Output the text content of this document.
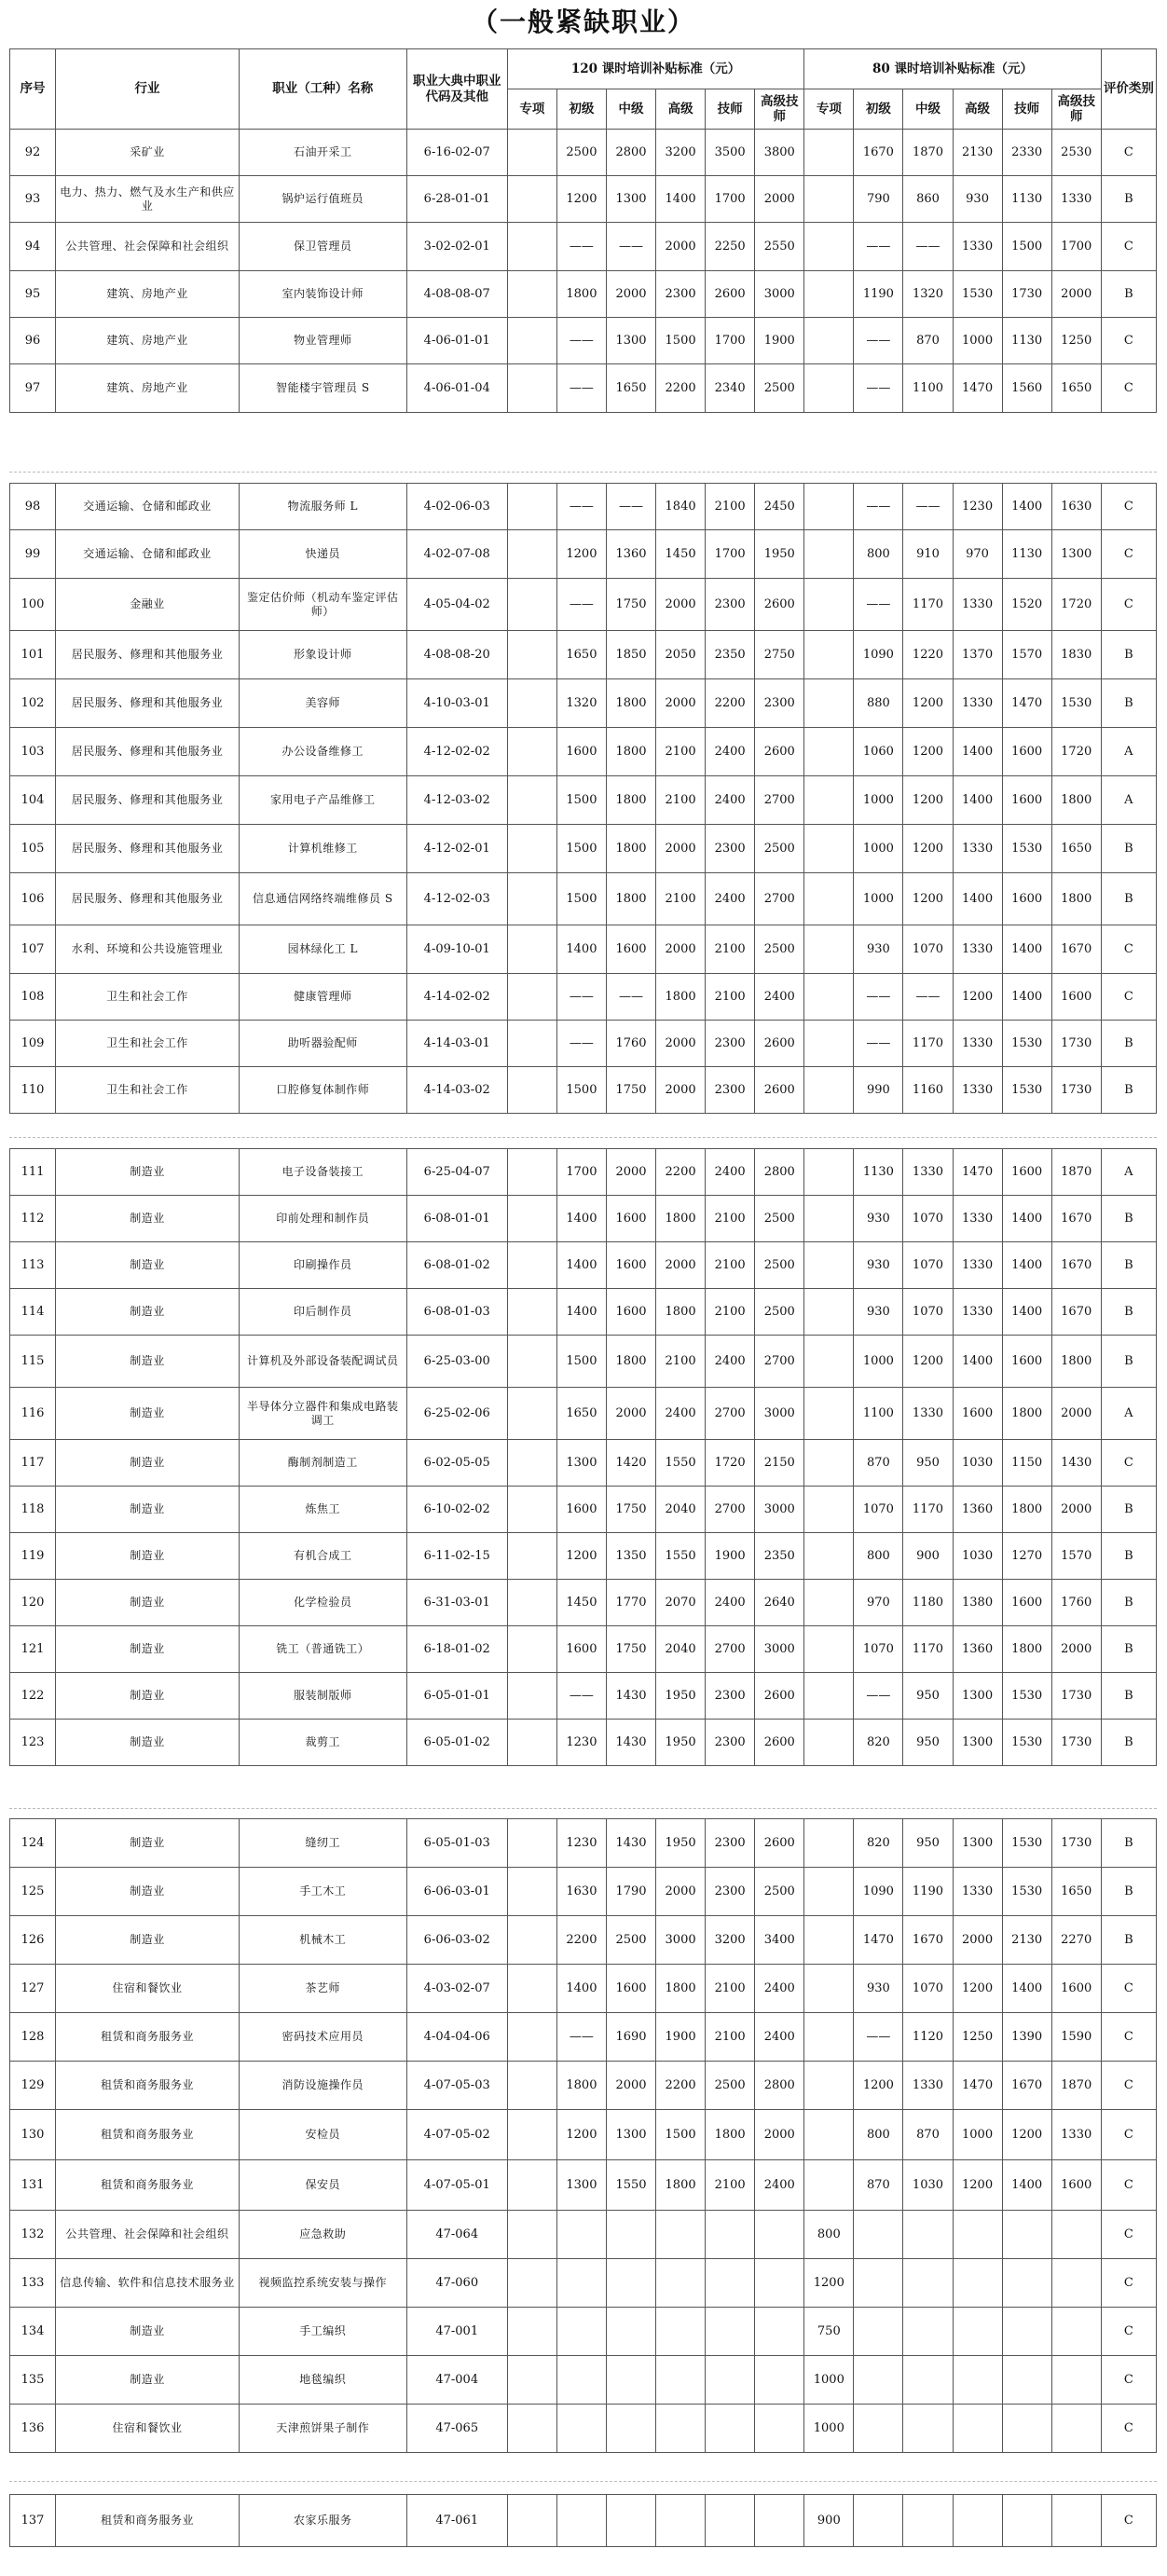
（一般紧缺职业）
序号	行业	职业（工种）名称	职业大典中职业代码及其他	120 课时培训补贴标准（元）						80 课时培训补贴标准（元）						评价类别
				专项	初级	中级	高级	技师	高级技师	专项	初级	中级	高级	技师	高级技师	
92	采矿业	石油开采工	6-16-02-07		2500	2800	3200	3500	3800		1670	1870	2130	2330	2530	C
93	电力、热力、燃气及水生产和供应业	锅炉运行值班员	6-28-01-01		1200	1300	1400	1700	2000		790	860	930	1130	1330	B
94	公共管理、社会保障和社会组织	保卫管理员	3-02-02-01		——	——	2000	2250	2550		——	——	1330	1500	1700	C
95	建筑、房地产业	室内装饰设计师	4-08-08-07		1800	2000	2300	2600	3000		1190	1320	1530	1730	2000	B
96	建筑、房地产业	物业管理师	4-06-01-01		——	1300	1500	1700	1900		——	870	1000	1130	1250	C
97	建筑、房地产业	智能楼宇管理员 S	4-06-01-04		——	1650	2200	2340	2500		——	1100	1470	1560	1650	C
98	交通运输、仓储和邮政业	物流服务师 L	4-02-06-03		——	——	1840	2100	2450		——	——	1230	1400	1630	C
99	交通运输、仓储和邮政业	快递员	4-02-07-08		1200	1360	1450	1700	1950		800	910	970	1130	1300	C
100	金融业	鉴定估价师（机动车鉴定评估师）	4-05-04-02		——	1750	2000	2300	2600		——	1170	1330	1520	1720	C
101	居民服务、修理和其他服务业	形象设计师	4-08-08-20		1650	1850	2050	2350	2750		1090	1220	1370	1570	1830	B
102	居民服务、修理和其他服务业	美容师	4-10-03-01		1320	1800	2000	2200	2300		880	1200	1330	1470	1530	B
103	居民服务、修理和其他服务业	办公设备维修工	4-12-02-02		1600	1800	2100	2400	2600		1060	1200	1400	1600	1720	A
104	居民服务、修理和其他服务业	家用电子产品维修工	4-12-03-02		1500	1800	2100	2400	2700		1000	1200	1400	1600	1800	A
105	居民服务、修理和其他服务业	计算机维修工	4-12-02-01		1500	1800	2000	2300	2500		1000	1200	1330	1530	1650	B
106	居民服务、修理和其他服务业	信息通信网络终端维修员 S	4-12-02-03		1500	1800	2100	2400	2700		1000	1200	1400	1600	1800	B
107	水利、环境和公共设施管理业	园林绿化工 L	4-09-10-01		1400	1600	2000	2100	2500		930	1070	1330	1400	1670	C
108	卫生和社会工作	健康管理师	4-14-02-02		——	——	1800	2100	2400		——	——	1200	1400	1600	C
109	卫生和社会工作	助听器验配师	4-14-03-01		——	1760	2000	2300	2600		——	1170	1330	1530	1730	B
110	卫生和社会工作	口腔修复体制作师	4-14-03-02		1500	1750	2000	2300	2600		990	1160	1330	1530	1730	B
111	制造业	电子设备装接工	6-25-04-07		1700	2000	2200	2400	2800		1130	1330	1470	1600	1870	A
112	制造业	印前处理和制作员	6-08-01-01		1400	1600	1800	2100	2500		930	1070	1330	1400	1670	B
113	制造业	印刷操作员	6-08-01-02		1400	1600	2000	2100	2500		930	1070	1330	1400	1670	B
114	制造业	印后制作员	6-08-01-03		1400	1600	1800	2100	2500		930	1070	1330	1400	1670	B
115	制造业	计算机及外部设备装配调试员	6-25-03-00		1500	1800	2100	2400	2700		1000	1200	1400	1600	1800	B
116	制造业	半导体分立器件和集成电路装调工	6-25-02-06		1650	2000	2400	2700	3000		1100	1330	1600	1800	2000	A
117	制造业	酶制剂制造工	6-02-05-05		1300	1420	1550	1720	2150		870	950	1030	1150	1430	C
118	制造业	炼焦工	6-10-02-02		1600	1750	2040	2700	3000		1070	1170	1360	1800	2000	B
119	制造业	有机合成工	6-11-02-15		1200	1350	1550	1900	2350		800	900	1030	1270	1570	B
120	制造业	化学检验员	6-31-03-01		1450	1770	2070	2400	2640		970	1180	1380	1600	1760	B
121	制造业	铣工（普通铣工）	6-18-01-02		1600	1750	2040	2700	3000		1070	1170	1360	1800	2000	B
122	制造业	服装制版师	6-05-01-01		——	1430	1950	2300	2600		——	950	1300	1530	1730	B
123	制造业	裁剪工	6-05-01-02		1230	1430	1950	2300	2600		820	950	1300	1530	1730	B
124	制造业	缝纫工	6-05-01-03		1230	1430	1950	2300	2600		820	950	1300	1530	1730	B
125	制造业	手工木工	6-06-03-01		1630	1790	2000	2300	2500		1090	1190	1330	1530	1650	B
126	制造业	机械木工	6-06-03-02		2200	2500	3000	3200	3400		1470	1670	2000	2130	2270	B
127	住宿和餐饮业	茶艺师	4-03-02-07		1400	1600	1800	2100	2400		930	1070	1200	1400	1600	C
128	租赁和商务服务业	密码技术应用员	4-04-04-06		——	1690	1900	2100	2400		——	1120	1250	1390	1590	C
129	租赁和商务服务业	消防设施操作员	4-07-05-03		1800	2000	2200	2500	2800		1200	1330	1470	1670	1870	C
130	租赁和商务服务业	安检员	4-07-05-02		1200	1300	1500	1800	2000		800	870	1000	1200	1330	C
131	租赁和商务服务业	保安员	4-07-05-01		1300	1550	1800	2100	2400		870	1030	1200	1400	1600	C
132	公共管理、社会保障和社会组织	应急救助	47-064							800						C
133	信息传输、软件和信息技术服务业	视频监控系统安装与操作	47-060							1200						C
134	制造业	手工编织	47-001							750						C
135	制造业	地毯编织	47-004							1000						C
136	住宿和餐饮业	天津煎饼果子制作	47-065							1000						C
137	租赁和商务服务业	农家乐服务	47-061							900						C
